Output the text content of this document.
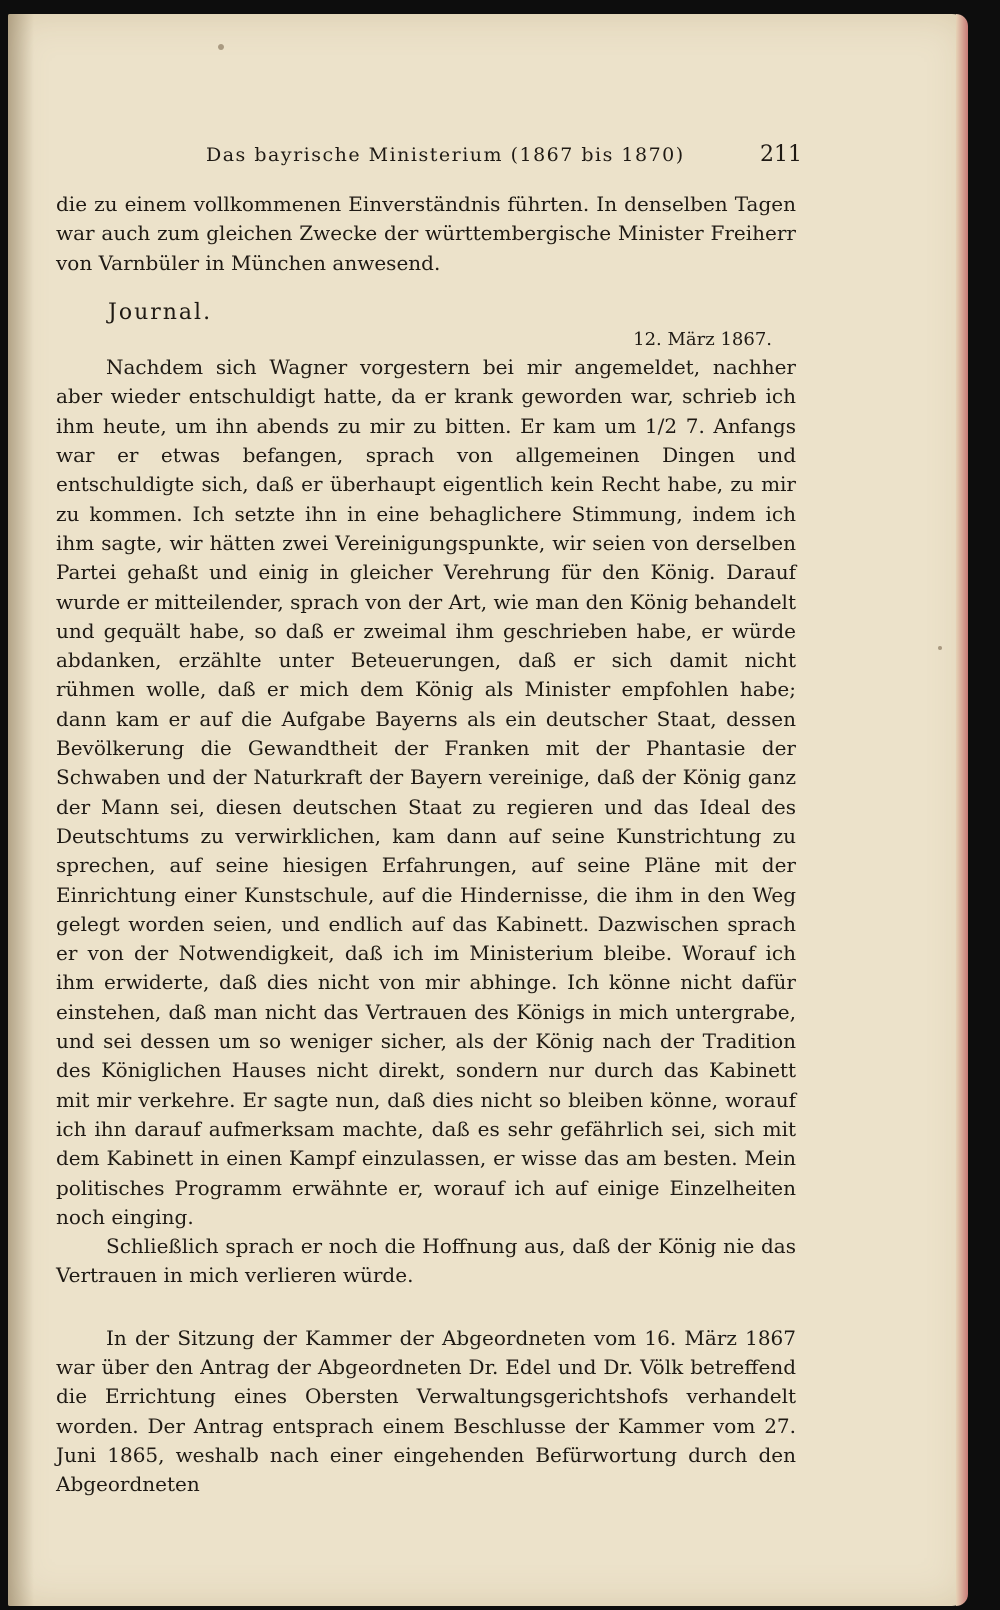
Das bayrische Ministerium (1867 bis 1870)	211

die zu einem vollkommenen Einverständnis führten. In denselben Tagen war auch zum gleichen Zwecke der württembergische Minister Freiherr von Varnbüler in München anwesend.

Journal.

12. März 1867.

Nachdem sich Wagner vorgestern bei mir angemeldet, nachher aber wieder entschuldigt hatte, da er krank geworden war, schrieb ich ihm heute, um ihn abends zu mir zu bitten. Er kam um 1/2 7. Anfangs war er etwas befangen, sprach von allgemeinen Dingen und entschuldigte sich, daß er überhaupt eigentlich kein Recht habe, zu mir zu kommen. Ich setzte ihn in eine behaglichere Stimmung, indem ich ihm sagte, wir hätten zwei Vereinigungspunkte, wir seien von derselben Partei gehaßt und einig in gleicher Verehrung für den König. Darauf wurde er mitteilender, sprach von der Art, wie man den König behandelt und gequält habe, so daß er zweimal ihm geschrieben habe, er würde abdanken, erzählte unter Beteuerungen, daß er sich damit nicht rühmen wolle, daß er mich dem König als Minister empfohlen habe; dann kam er auf die Aufgabe Bayerns als ein deutscher Staat, dessen Bevölkerung die Gewandtheit der Franken mit der Phantasie der Schwaben und der Naturkraft der Bayern vereinige, daß der König ganz der Mann sei, diesen deutschen Staat zu regieren und das Ideal des Deutschtums zu verwirklichen, kam dann auf seine Kunstrichtung zu sprechen, auf seine hiesigen Erfahrungen, auf seine Pläne mit der Einrichtung einer Kunstschule, auf die Hindernisse, die ihm in den Weg gelegt worden seien, und endlich auf das Kabinett. Dazwischen sprach er von der Notwendigkeit, daß ich im Ministerium bleibe. Worauf ich ihm erwiderte, daß dies nicht von mir abhinge. Ich könne nicht dafür einstehen, daß man nicht das Vertrauen des Königs in mich untergrabe, und sei dessen um so weniger sicher, als der König nach der Tradition des Königlichen Hauses nicht direkt, sondern nur durch das Kabinett mit mir verkehre. Er sagte nun, daß dies nicht so bleiben könne, worauf ich ihn darauf aufmerksam machte, daß es sehr gefährlich sei, sich mit dem Kabinett in einen Kampf einzulassen, er wisse das am besten. Mein politisches Programm erwähnte er, worauf ich auf einige Einzelheiten noch einging.

Schließlich sprach er noch die Hoffnung aus, daß der König nie das Vertrauen in mich verlieren würde.

In der Sitzung der Kammer der Abgeordneten vom 16. März 1867 war über den Antrag der Abgeordneten Dr. Edel und Dr. Völk betreffend die Errichtung eines Obersten Verwaltungsgerichtshofs verhandelt worden. Der Antrag entsprach einem Beschlusse der Kammer vom 27. Juni 1865, weshalb nach einer eingehenden Befürwortung durch den Abgeordneten
